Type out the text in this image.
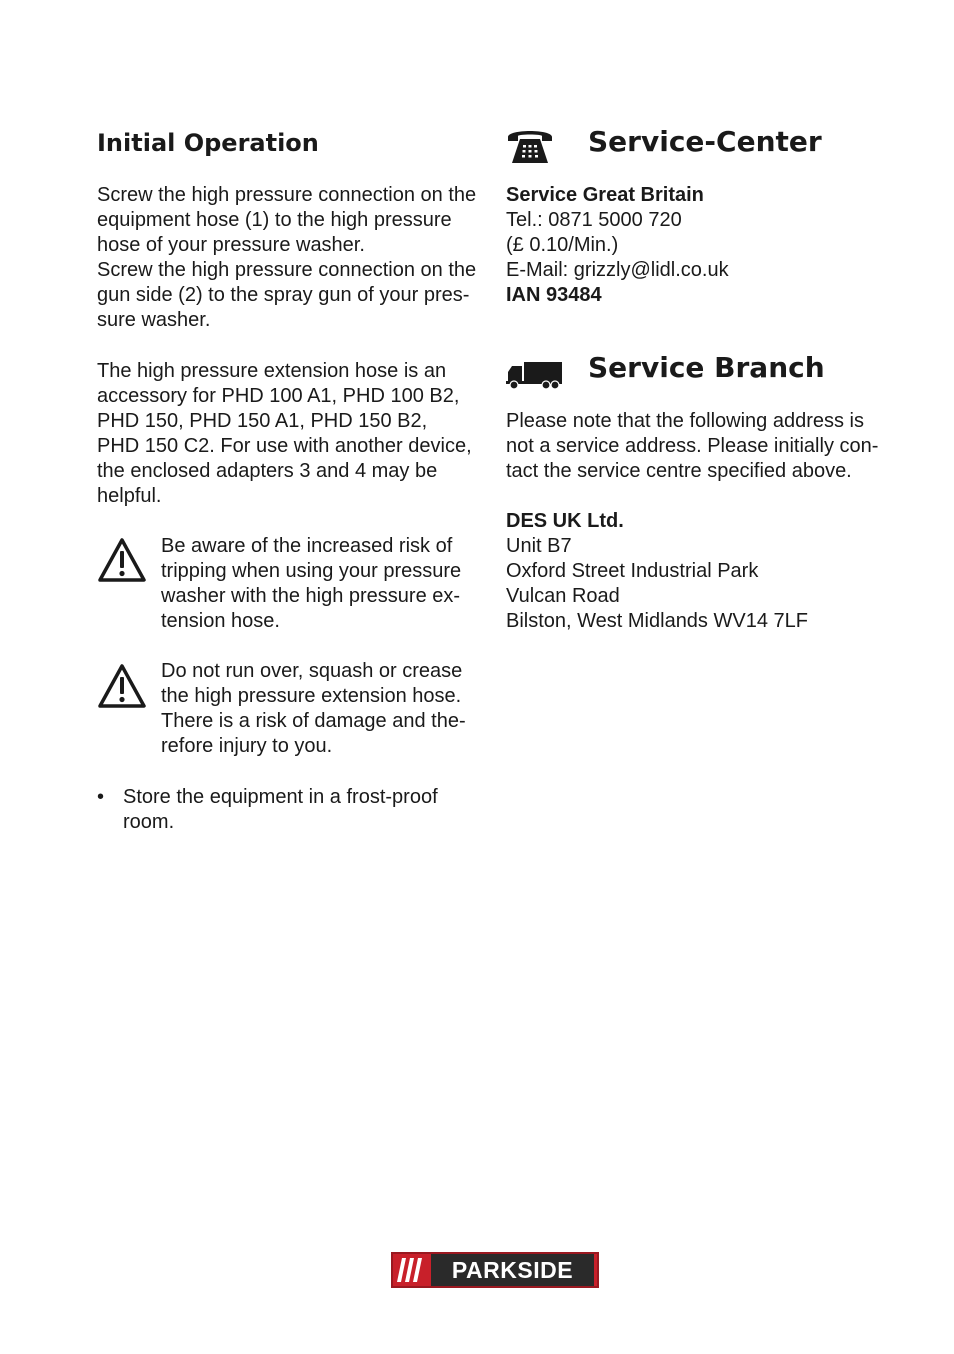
Initial Operation

Screw the high pressure connection on the
equipment hose (1) to the high pressure
hose of your pressure washer.
Screw the high pressure connection on the
gun side (2) to the spray gun of your pres-
sure washer.

The high pressure extension hose is an
accessory for PHD 100 A1, PHD 100 B2,
PHD 150, PHD 150 A1, PHD 150 B2,
PHD 150 C2. For use with another device,
the enclosed adapters 3 and 4 may be
helpful.

Be aware of the increased risk of
tripping when using your pressure
washer with the high pressure ex-
tension hose.

Do not run over, squash or crease
the high pressure extension hose.
There is a risk of damage and the-
refore injury to you.

• Store the equipment in a frost-proof
room.

Service-Center

Service Great Britain
Tel.: 0871 5000 720
(£ 0.10/Min.)
E-Mail: grizzly@lidl.co.uk
IAN 93484

Service Branch

Please note that the following address is
not a service address. Please initially con-
tact the service centre specified above.

DES UK Ltd.
Unit B7
Oxford Street Industrial Park
Vulcan Road
Bilston, West Midlands WV14 7LF

PARKSIDE
